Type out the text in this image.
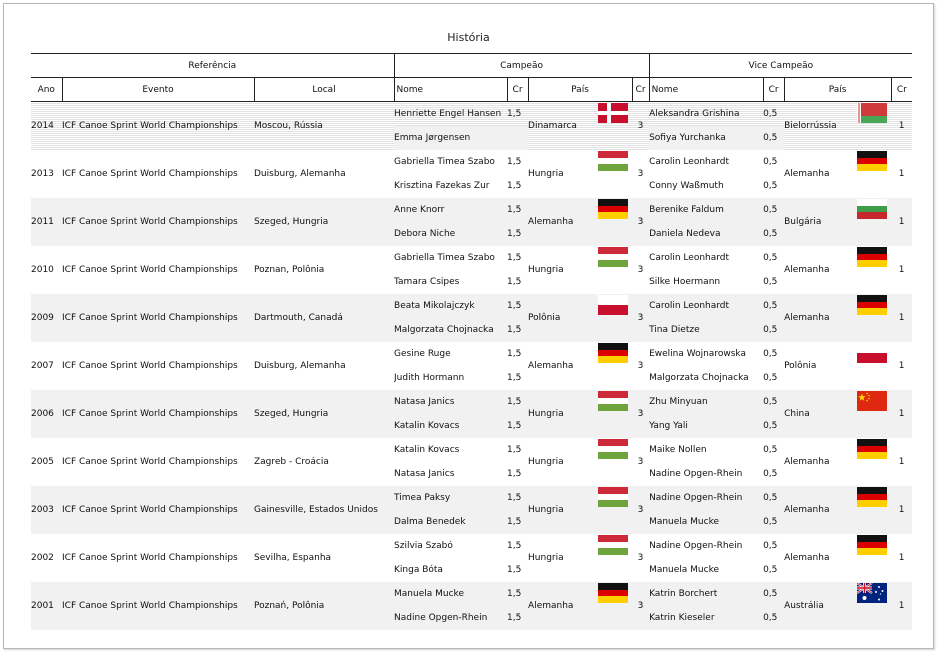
História
Referência			Campeão				Vice Campeão			
Ano	Evento	Local	Nome	Cr	País	Cr	Nome	Cr	País	Cr
2014	ICF Canoe Sprint World Championships	Moscou, Rússia	Henriette Engel Hansen	1,5	Dinamarca	3	Aleksandra Grishina	0,5	Bielorrússia	1
			Emma Jørgensen				Sofiya Yurchanka	0,5		
2013	ICF Canoe Sprint World Championships	Duisburg, Alemanha	Gabriella Timea Szabo	1,5	Hungria	3	Carolin Leonhardt	0,5	Alemanha	1
			Krisztina Fazekas Zur	1,5			Conny Waßmuth	0,5		
2011	ICF Canoe Sprint World Championships	Szeged, Hungria	Anne Knorr	1,5	Alemanha	3	Berenike Faldum	0,5	Bulgária	1
			Debora Niche	1,5			Daniela Nedeva	0,5		
2010	ICF Canoe Sprint World Championships	Poznan, Polônia	Gabriella Timea Szabo	1,5	Hungria	3	Carolin Leonhardt	0,5	Alemanha	1
			Tamara Csipes	1,5			Silke Hoermann	0,5		
2009	ICF Canoe Sprint World Championships	Dartmouth, Canadá	Beata Mikolajczyk	1,5	Polônia	3	Carolin Leonhardt	0,5	Alemanha	1
			Malgorzata Chojnacka	1,5			Tina Dietze	0,5		
2007	ICF Canoe Sprint World Championships	Duisburg, Alemanha	Gesine Ruge	1,5	Alemanha	3	Ewelina Wojnarowska	0,5	Polônia	1
			Judith Hormann	1,5			Malgorzata Chojnacka	0,5		
2006	ICF Canoe Sprint World Championships	Szeged, Hungria	Natasa Janics	1,5	Hungria	3	Zhu Minyuan	0,5	China	1
			Katalin Kovacs	1,5			Yang Yali	0,5		
2005	ICF Canoe Sprint World Championships	Zagreb - Croácia	Katalin Kovacs	1,5	Hungria	3	Maike Nollen	0,5	Alemanha	1
			Natasa Janics	1,5			Nadine Opgen-Rhein	0,5		
2003	ICF Canoe Sprint World Championships	Gainesville, Estados Unidos	Timea Paksy	1,5	Hungria	3	Nadine Opgen-Rhein	0,5	Alemanha	1
			Dalma Benedek	1,5			Manuela Mucke	0,5		
2002	ICF Canoe Sprint World Championships	Sevilha, Espanha	Szilvia Szabó	1,5	Hungria	3	Nadine Opgen-Rhein	0,5	Alemanha	1
			Kinga Bóta	1,5			Manuela Mucke	0,5		
2001	ICF Canoe Sprint World Championships	Poznań, Polônia	Manuela Mucke	1,5	Alemanha	3	Katrin Borchert	0,5	Austrália	1
			Nadine Opgen-Rhein	1,5			Katrin Kieseler	0,5		
